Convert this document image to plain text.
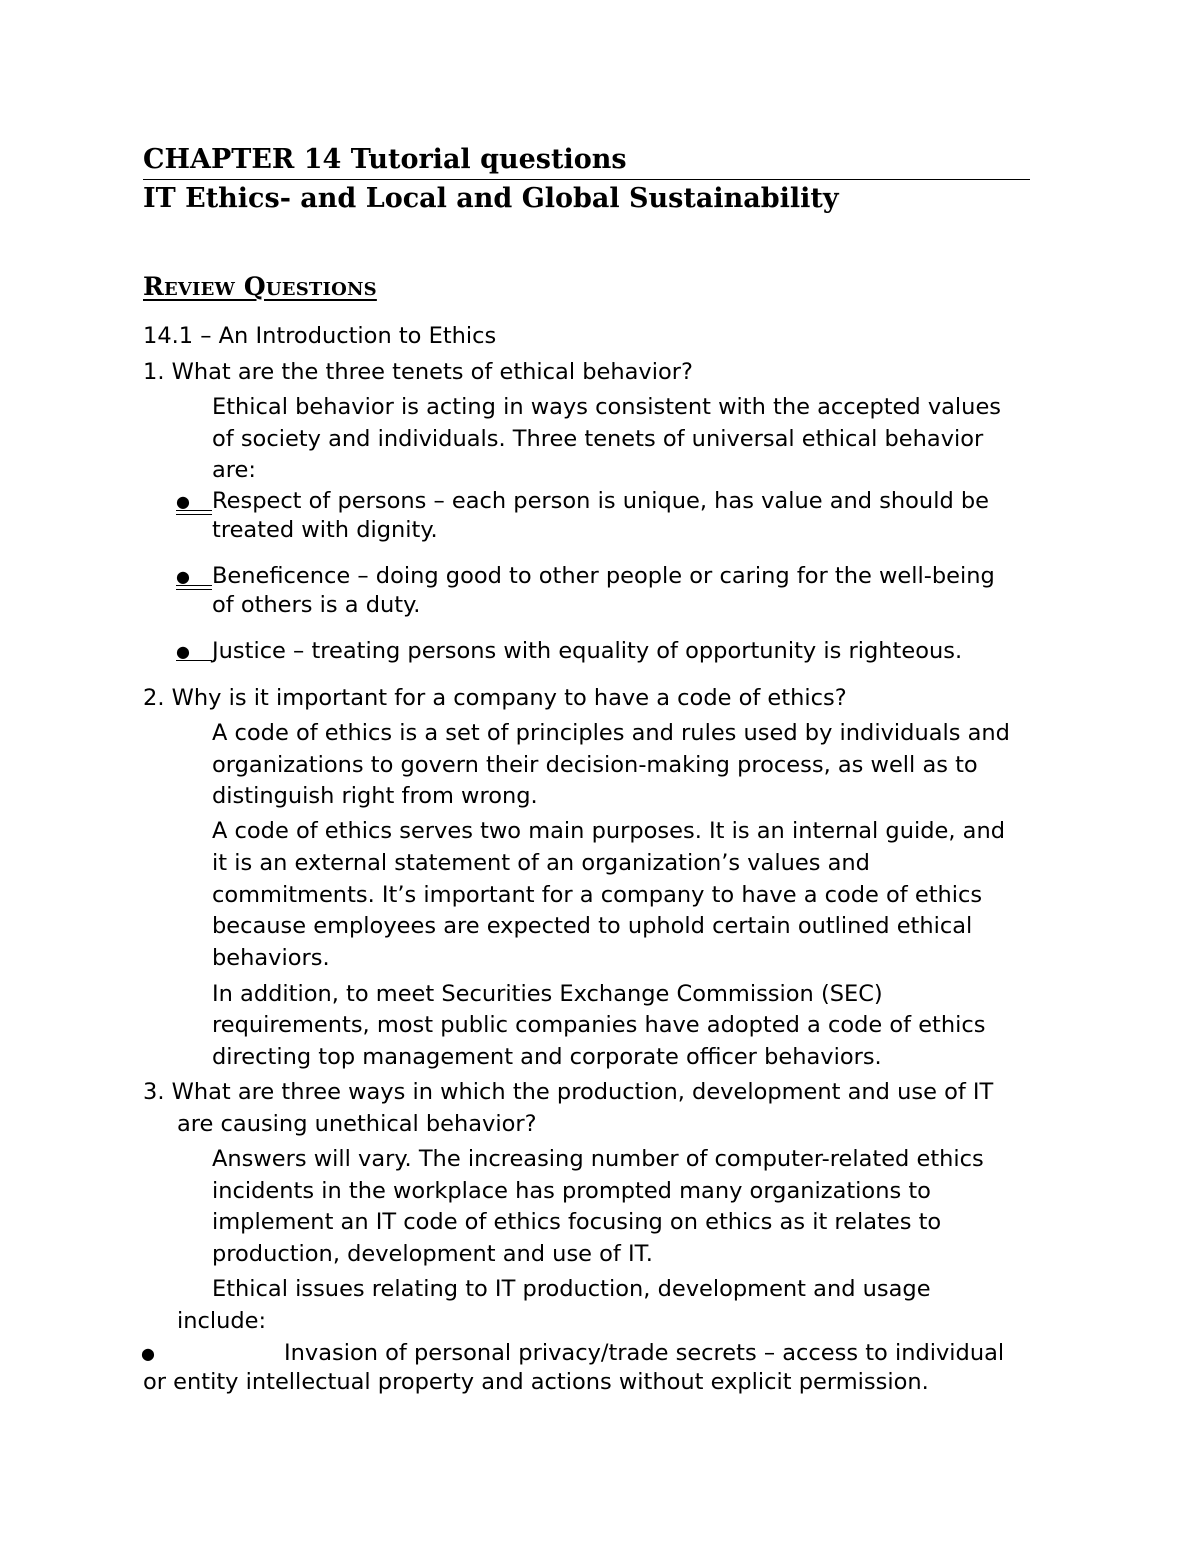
CHAPTER 14 Tutorial questions
IT Ethics- and Local and Global Sustainability
Review Questions
14.1 – An Introduction to Ethics
1. What are the three tenets of ethical behavior?
Ethical behavior is acting in ways consistent with the accepted values
of society and individuals. Three tenets of universal ethical behavior
are:
● Respect of persons – each person is unique, has value and should be
treated with dignity.
● Beneficence – doing good to other people or caring for the well-being
of others is a duty.
● Justice – treating persons with equality of opportunity is righteous.
2. Why is it important for a company to have a code of ethics?
A code of ethics is a set of principles and rules used by individuals and
organizations to govern their decision-making process, as well as to
distinguish right from wrong.
A code of ethics serves two main purposes. It is an internal guide, and
it is an external statement of an organization’s values and
commitments. It’s important for a company to have a code of ethics
because employees are expected to uphold certain outlined ethical
behaviors.
In addition, to meet Securities Exchange Commission (SEC)
requirements, most public companies have adopted a code of ethics
directing top management and corporate officer behaviors.
3. What are three ways in which the production, development and use of IT
are causing unethical behavior?
Answers will vary. The increasing number of computer-related ethics
incidents in the workplace has prompted many organizations to
implement an IT code of ethics focusing on ethics as it relates to
production, development and use of IT.
Ethical issues relating to IT production, development and usage
include:
●	Invasion of personal privacy/trade secrets – access to individual
or entity intellectual property and actions without explicit permission.
